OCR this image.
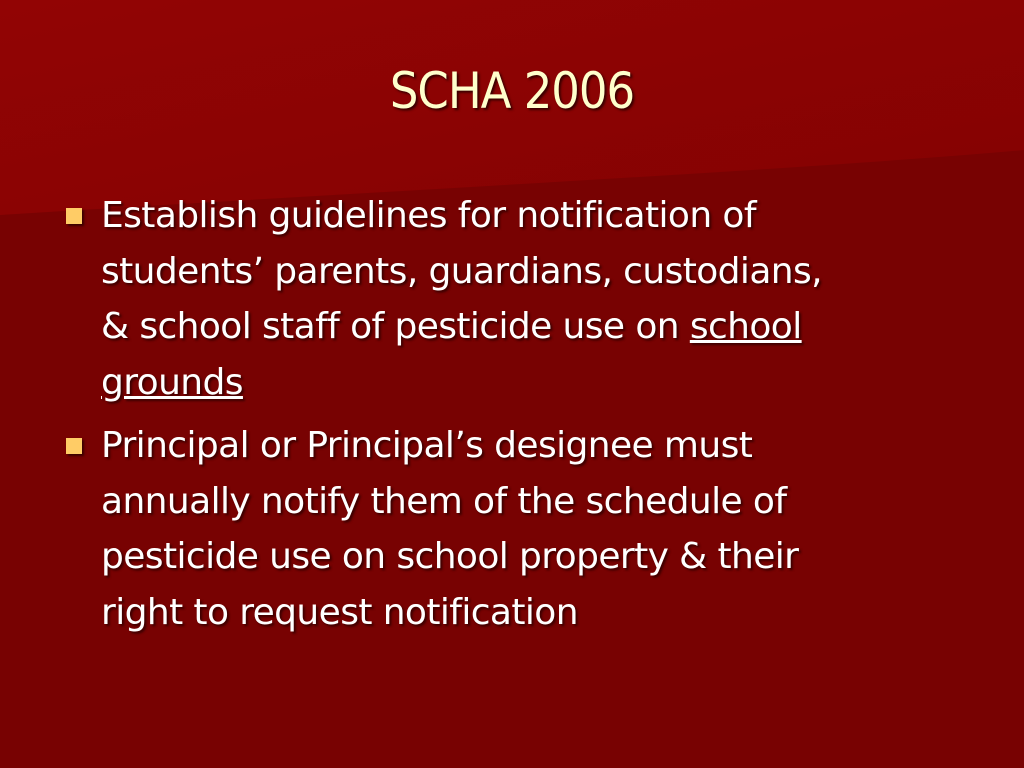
SCHA 2006
Establish guidelines for notification of
students’ parents, guardians, custodians,
& school staff of pesticide use on school
grounds
Principal or Principal’s designee must
annually notify them of the schedule of
pesticide use on school property & their
right to request notification
